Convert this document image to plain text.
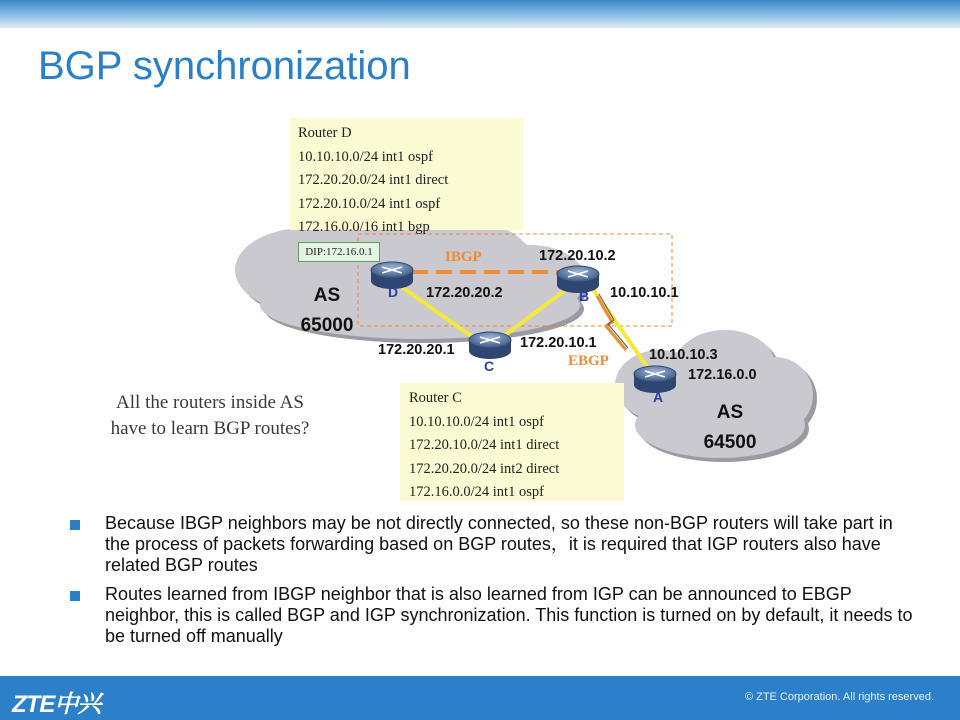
BGP synchronization
Router D
10.10.10.0/24 int1 ospf
172.20.20.0/24 int1 direct
172.20.10.0/24 int1 ospf
172.16.0.0/16 int1 bgp
Router C
10.10.10.0/24 int1 ospf
172.20.10.0/24 int1 direct
172.20.20.0/24 int2 direct
172.16.0.0/24 int1 ospf
DIP:172.16.0.1
AS
65000
AS
64500
D	B
C
A
IBGP
EBGP
172.20.10.2
172.20.20.2	10.10.10.1
172.20.10.1
172.20.20.1	10.10.10.3
172.16.0.0
All the routers inside AS have to learn BGP routes?
Because IBGP neighbors may be not directly connected, so these non-BGP routers will take part in the process of packets forwarding based on BGP routes，it is required that IGP routers also have related BGP routes
Routes learned from IBGP neighbor that is also learned from IGP can be announced to EBGP neighbor, this is called BGP and IGP synchronization. This function is turned on by default, it needs to be turned off manually
ZTE中兴	© ZTE Corporation. All rights reserved.
